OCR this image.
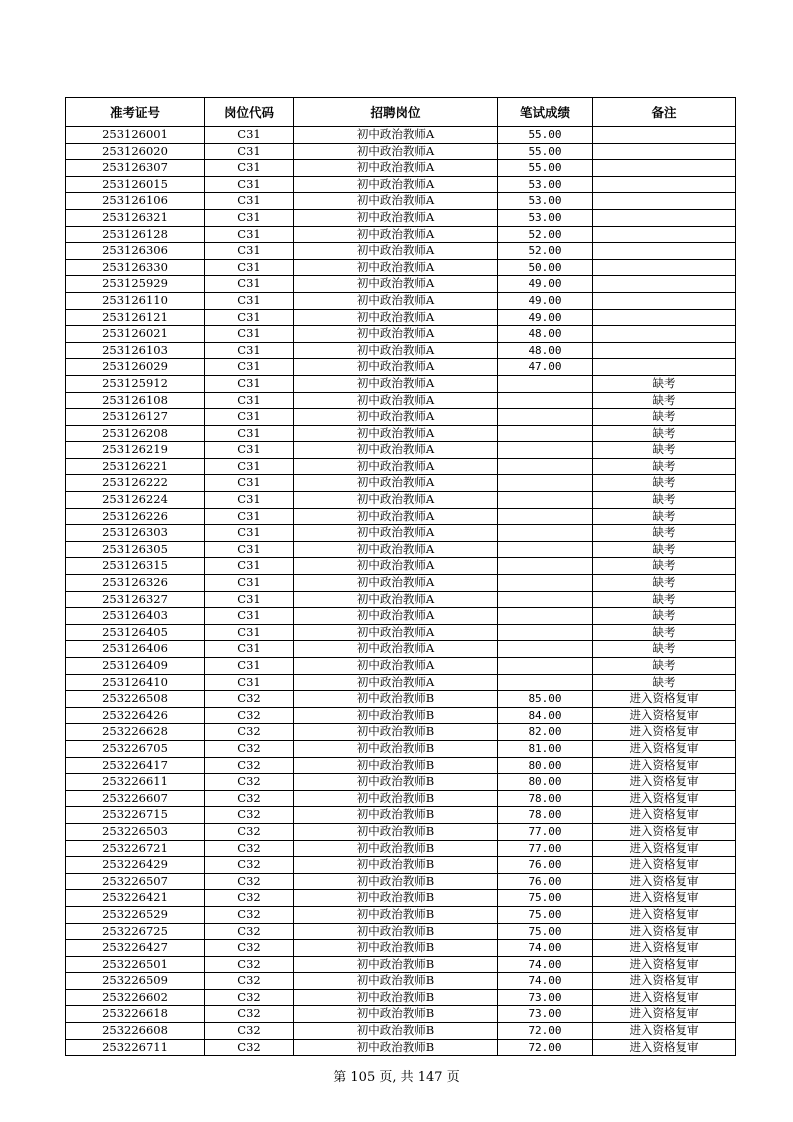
准考证号	岗位代码	招聘岗位	笔试成绩	备注
253126001	C31	初中政治教师A	55.00	
253126020	C31	初中政治教师A	55.00	
253126307	C31	初中政治教师A	55.00	
253126015	C31	初中政治教师A	53.00	
253126106	C31	初中政治教师A	53.00	
253126321	C31	初中政治教师A	53.00	
253126128	C31	初中政治教师A	52.00	
253126306	C31	初中政治教师A	52.00	
253126330	C31	初中政治教师A	50.00	
253125929	C31	初中政治教师A	49.00	
253126110	C31	初中政治教师A	49.00	
253126121	C31	初中政治教师A	49.00	
253126021	C31	初中政治教师A	48.00	
253126103	C31	初中政治教师A	48.00	
253126029	C31	初中政治教师A	47.00	
253125912	C31	初中政治教师A		缺考
253126108	C31	初中政治教师A		缺考
253126127	C31	初中政治教师A		缺考
253126208	C31	初中政治教师A		缺考
253126219	C31	初中政治教师A		缺考
253126221	C31	初中政治教师A		缺考
253126222	C31	初中政治教师A		缺考
253126224	C31	初中政治教师A		缺考
253126226	C31	初中政治教师A		缺考
253126303	C31	初中政治教师A		缺考
253126305	C31	初中政治教师A		缺考
253126315	C31	初中政治教师A		缺考
253126326	C31	初中政治教师A		缺考
253126327	C31	初中政治教师A		缺考
253126403	C31	初中政治教师A		缺考
253126405	C31	初中政治教师A		缺考
253126406	C31	初中政治教师A		缺考
253126409	C31	初中政治教师A		缺考
253126410	C31	初中政治教师A		缺考
253226508	C32	初中政治教师B	85.00	进入资格复审
253226426	C32	初中政治教师B	84.00	进入资格复审
253226628	C32	初中政治教师B	82.00	进入资格复审
253226705	C32	初中政治教师B	81.00	进入资格复审
253226417	C32	初中政治教师B	80.00	进入资格复审
253226611	C32	初中政治教师B	80.00	进入资格复审
253226607	C32	初中政治教师B	78.00	进入资格复审
253226715	C32	初中政治教师B	78.00	进入资格复审
253226503	C32	初中政治教师B	77.00	进入资格复审
253226721	C32	初中政治教师B	77.00	进入资格复审
253226429	C32	初中政治教师B	76.00	进入资格复审
253226507	C32	初中政治教师B	76.00	进入资格复审
253226421	C32	初中政治教师B	75.00	进入资格复审
253226529	C32	初中政治教师B	75.00	进入资格复审
253226725	C32	初中政治教师B	75.00	进入资格复审
253226427	C32	初中政治教师B	74.00	进入资格复审
253226501	C32	初中政治教师B	74.00	进入资格复审
253226509	C32	初中政治教师B	74.00	进入资格复审
253226602	C32	初中政治教师B	73.00	进入资格复审
253226618	C32	初中政治教师B	73.00	进入资格复审
253226608	C32	初中政治教师B	72.00	进入资格复审
253226711	C32	初中政治教师B	72.00	进入资格复审
第 105 页, 共 147 页
